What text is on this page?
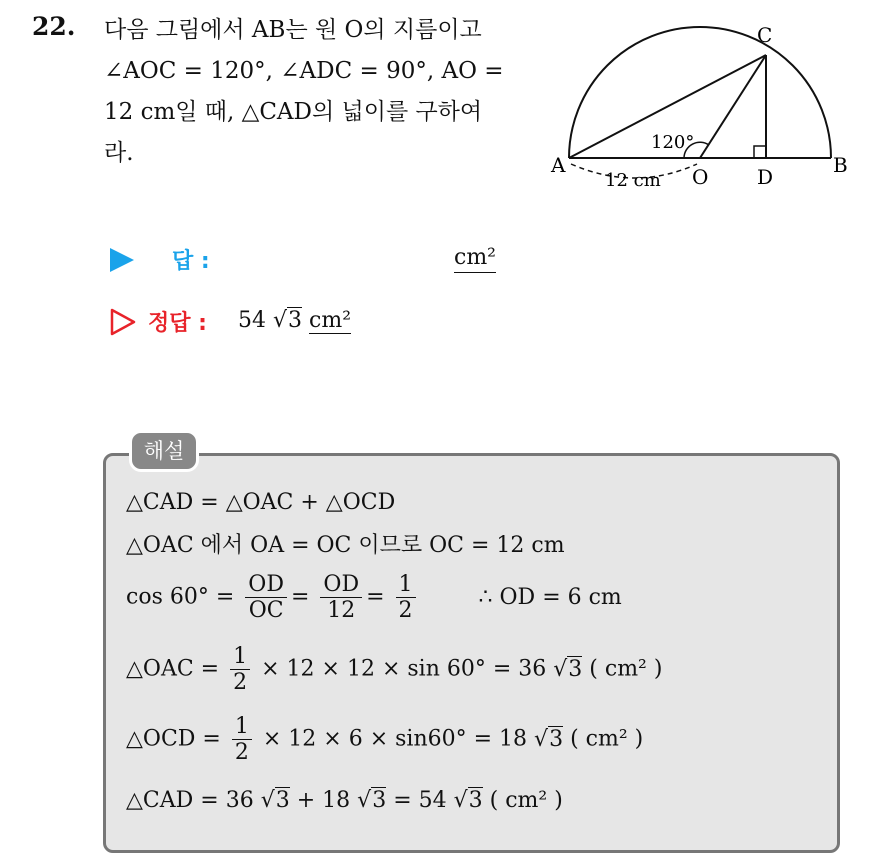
22. 다음 그림에서 AB는 원 O의 지름이고
∠AOC = 120°, ∠ADC = 90°, AO =
12 cm일 때, △CAD의 넓이를 구하여
라.
C
A	B
O D
120°
12 cm
답 :	cm²
정답 : 54 √3 cm²
해설
△CAD = △OAC + △OCD
△OAC 에서 OA = OC 이므로 OC = 12 cm
$\cos 60^\circ = \frac{OD}{OC} = \frac{OD}{12} = \frac{1}{2}$	∴ OD = 6 cm
△OAC = $\frac{1}{2} \times 12 \times 12 \times \sin 60^\circ = 36$ √3 ( cm² )
△OCD = $\frac{1}{2} \times 12 \times 6 \times \sin 60^\circ = 18$ √3 ( cm² )
△CAD = 36 √3 + 18 √3 = 54 √3 ( cm² )
